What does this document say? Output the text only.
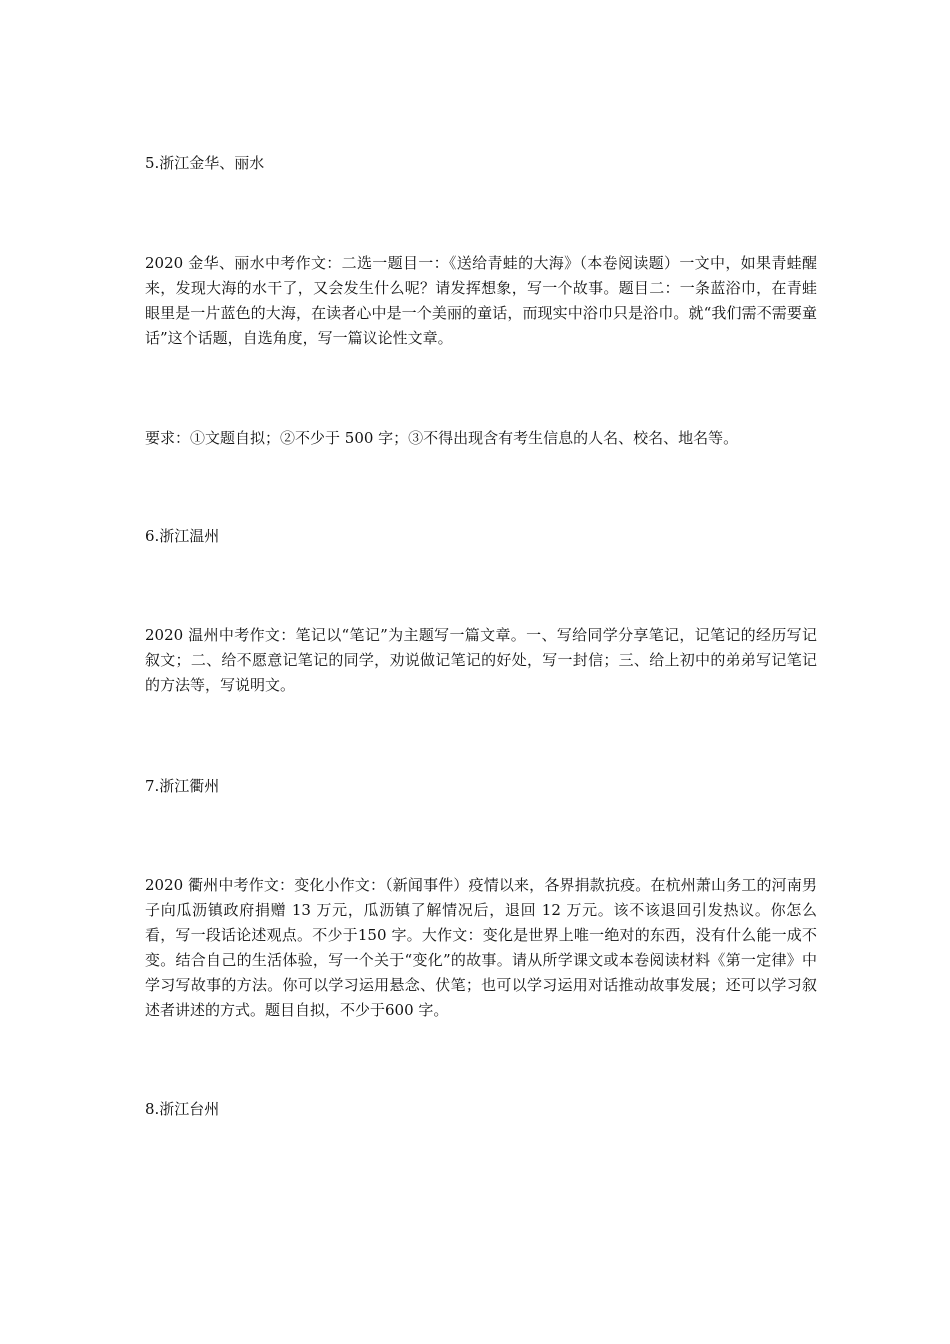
5.浙江金华、丽水

2020 金华、丽水中考作文：二选一题目一：《送给青蛙的大海》（本卷阅读题）一文中，如果青蛙醒来，发现大海的水干了，又会发生什么呢？请发挥想象，写一个故事。题目二：一条蓝浴巾，在青蛙眼里是一片蓝色的大海，在读者心中是一个美丽的童话，而现实中浴巾只是浴巾。就“我们需不需要童话”这个话题，自选角度，写一篇议论性文章。

要求：①文题自拟；②不少于 500 字；③不得出现含有考生信息的人名、校名、地名等。

6.浙江温州

2020 温州中考作文：笔记以“笔记”为主题写一篇文章。一、写给同学分享笔记，记笔记的经历写记叙文；二、给不愿意记笔记的同学，劝说做记笔记的好处，写一封信；三、给上初中的弟弟写记笔记的方法等，写说明文。

7.浙江衢州

2020 衢州中考作文：变化小作文：（新闻事件）疫情以来，各界捐款抗疫。在杭州萧山务工的河南男子向瓜沥镇政府捐赠 13 万元，瓜沥镇了解情况后，退回 12 万元。该不该退回引发热议。你怎么看，写一段话论述观点。不少于150 字。大作文：变化是世界上唯一绝对的东西，没有什么能一成不变。结合自己的生活体验，写一个关于“变化”的故事。请从所学课文或本卷阅读材料《第一定律》中学习写故事的方法。你可以学习运用悬念、伏笔；也可以学习运用对话推动故事发展；还可以学习叙述者讲述的方式。题目自拟，不少于600 字。

8.浙江台州
